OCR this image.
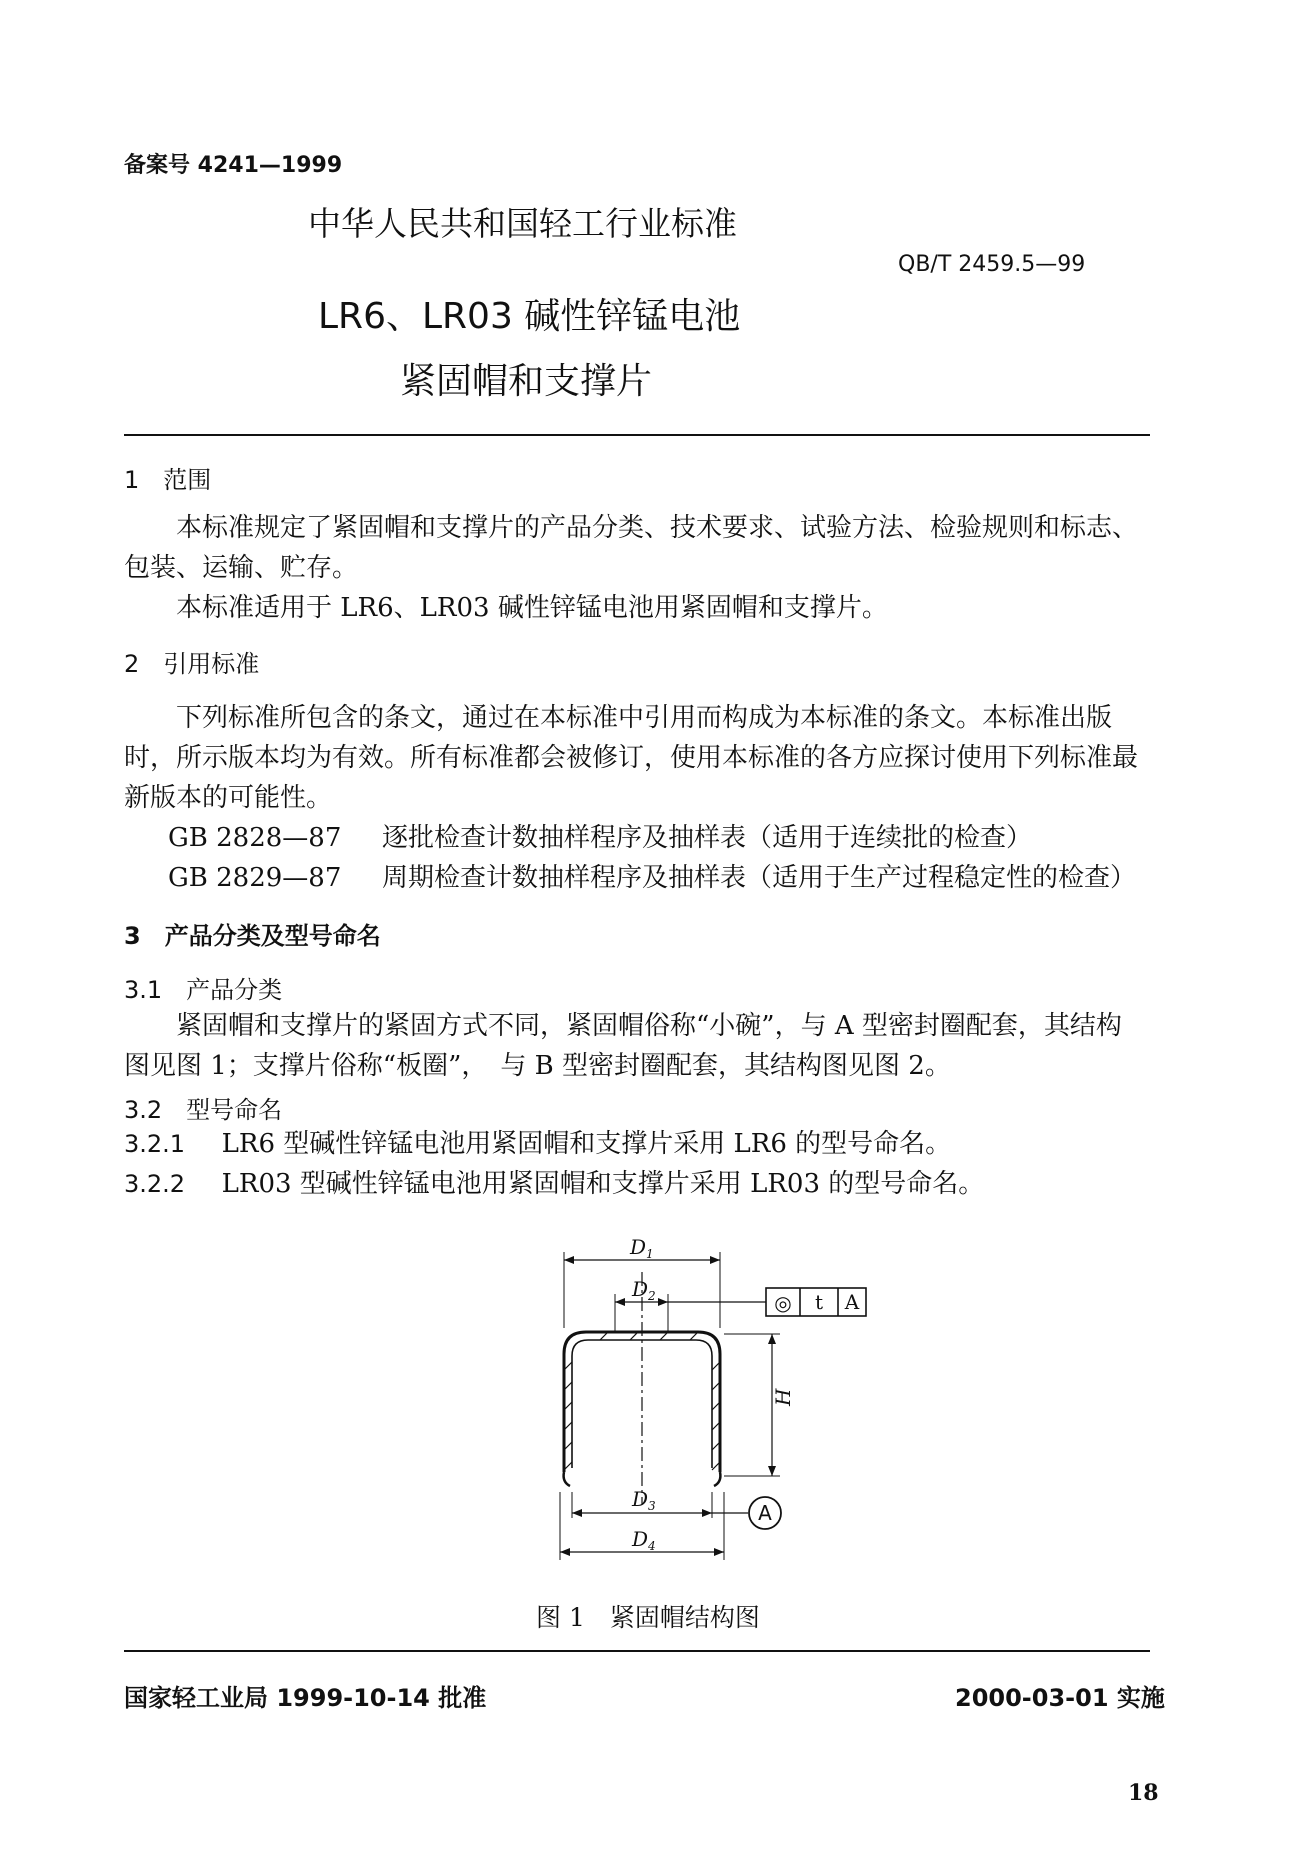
备案号 4241—1999
中华人民共和国轻工行业标准
QB/T 2459.5—99
LR6、LR03 碱性锌锰电池
紧固帽和支撑片
1　范围
本标准规定了紧固帽和支撑片的产品分类、技术要求、试验方法、检验规则和标志、
包装、运输、贮存。
本标准适用于 LR6、LR03 碱性锌锰电池用紧固帽和支撑片。
2　引用标准
下列标准所包含的条文，通过在本标准中引用而构成为本标准的条文。本标准出版
时，所示版本均为有效。所有标准都会被修订，使用本标准的各方应探讨使用下列标准最
新版本的可能性。
GB 2828—87 逐批检查计数抽样程序及抽样表（适用于连续批的检查）
GB 2829—87 周期检查计数抽样程序及抽样表（适用于生产过程稳定性的检查）
3　产品分类及型号命名
3.1　产品分类
紧固帽和支撑片的紧固方式不同，紧固帽俗称“小碗”，与 A 型密封圈配套，其结构
图见图 1；支撑片俗称“板圈”，　与 B 型密封圈配套，其结构图见图 2。
3.2　型号命名
3.2.1 LR6 型碱性锌锰电池用紧固帽和支撑片采用 LR6 的型号命名。
3.2.2 LR03 型碱性锌锰电池用紧固帽和支撑片采用 LR03 的型号命名。
$D_1$
$D_2$
$D_3$
$D_4$
H
◎ t A
A
图 1　紧固帽结构图
国家轻工业局 1999-10-14 批准	2000-03-01 实施
18
